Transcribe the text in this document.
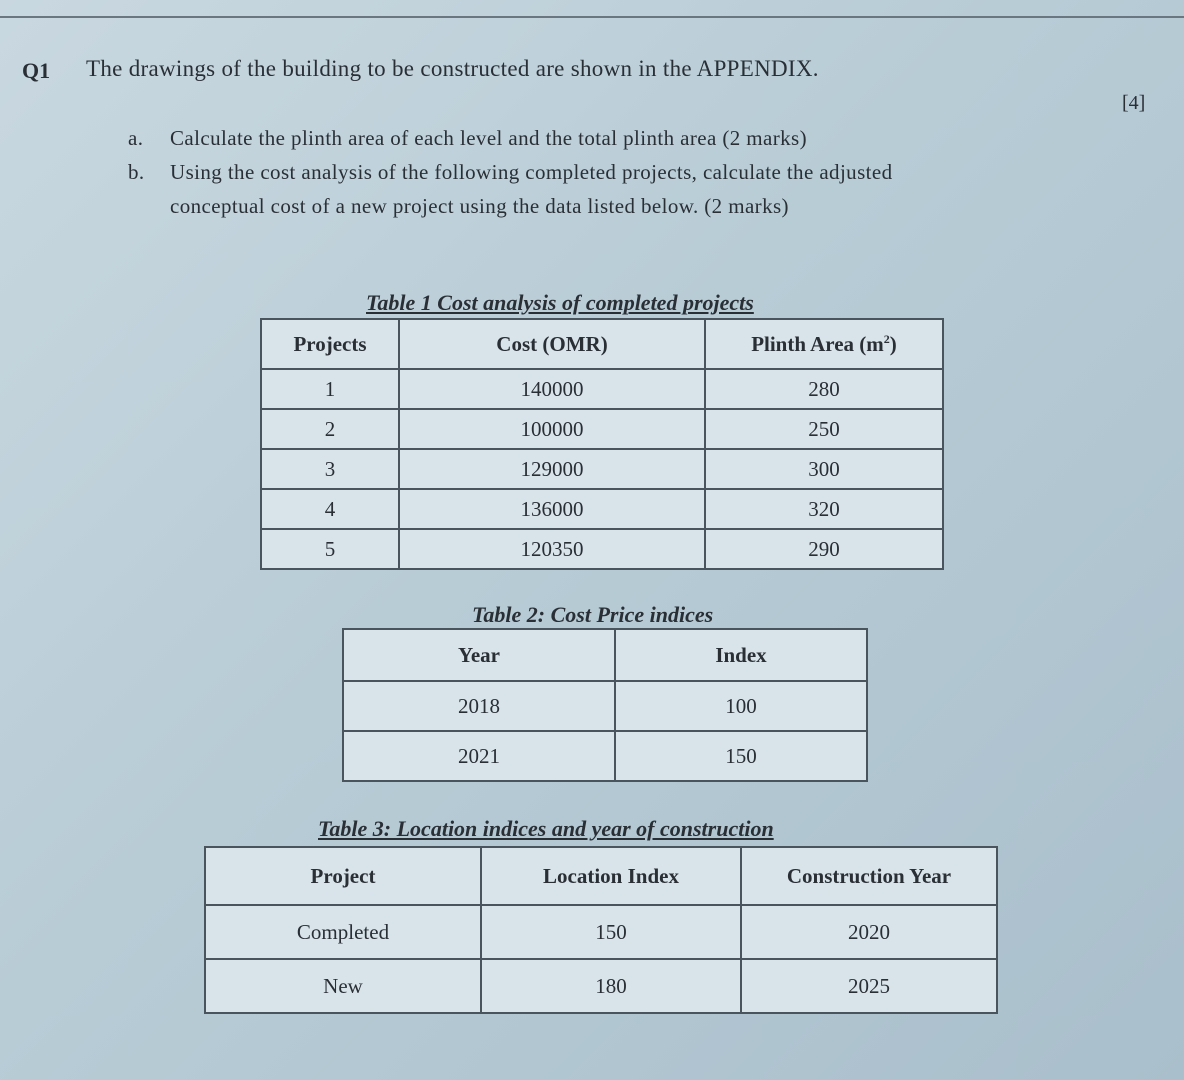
Q1 The drawings of the building to be constructed are shown in the APPENDIX.
[4]
a. Calculate the plinth area of each level and the total plinth area (2 marks)
b. Using the cost analysis of the following completed projects, calculate the adjusted
conceptual cost of a new project using the data listed below. (2 marks)
Table 1 Cost analysis of completed projects
Projects	Cost (OMR)	Plinth Area $(m^2)$
1	140000	280
2	100000	250
3	129000	300
4	136000	320
5	120350	290
Table 2: Cost Price indices
Year	Index
2018	100
2021	150
Table 3: Location indices and year of construction
Project	Location Index	Construction Year
Completed	150	2020
New	180	2025
